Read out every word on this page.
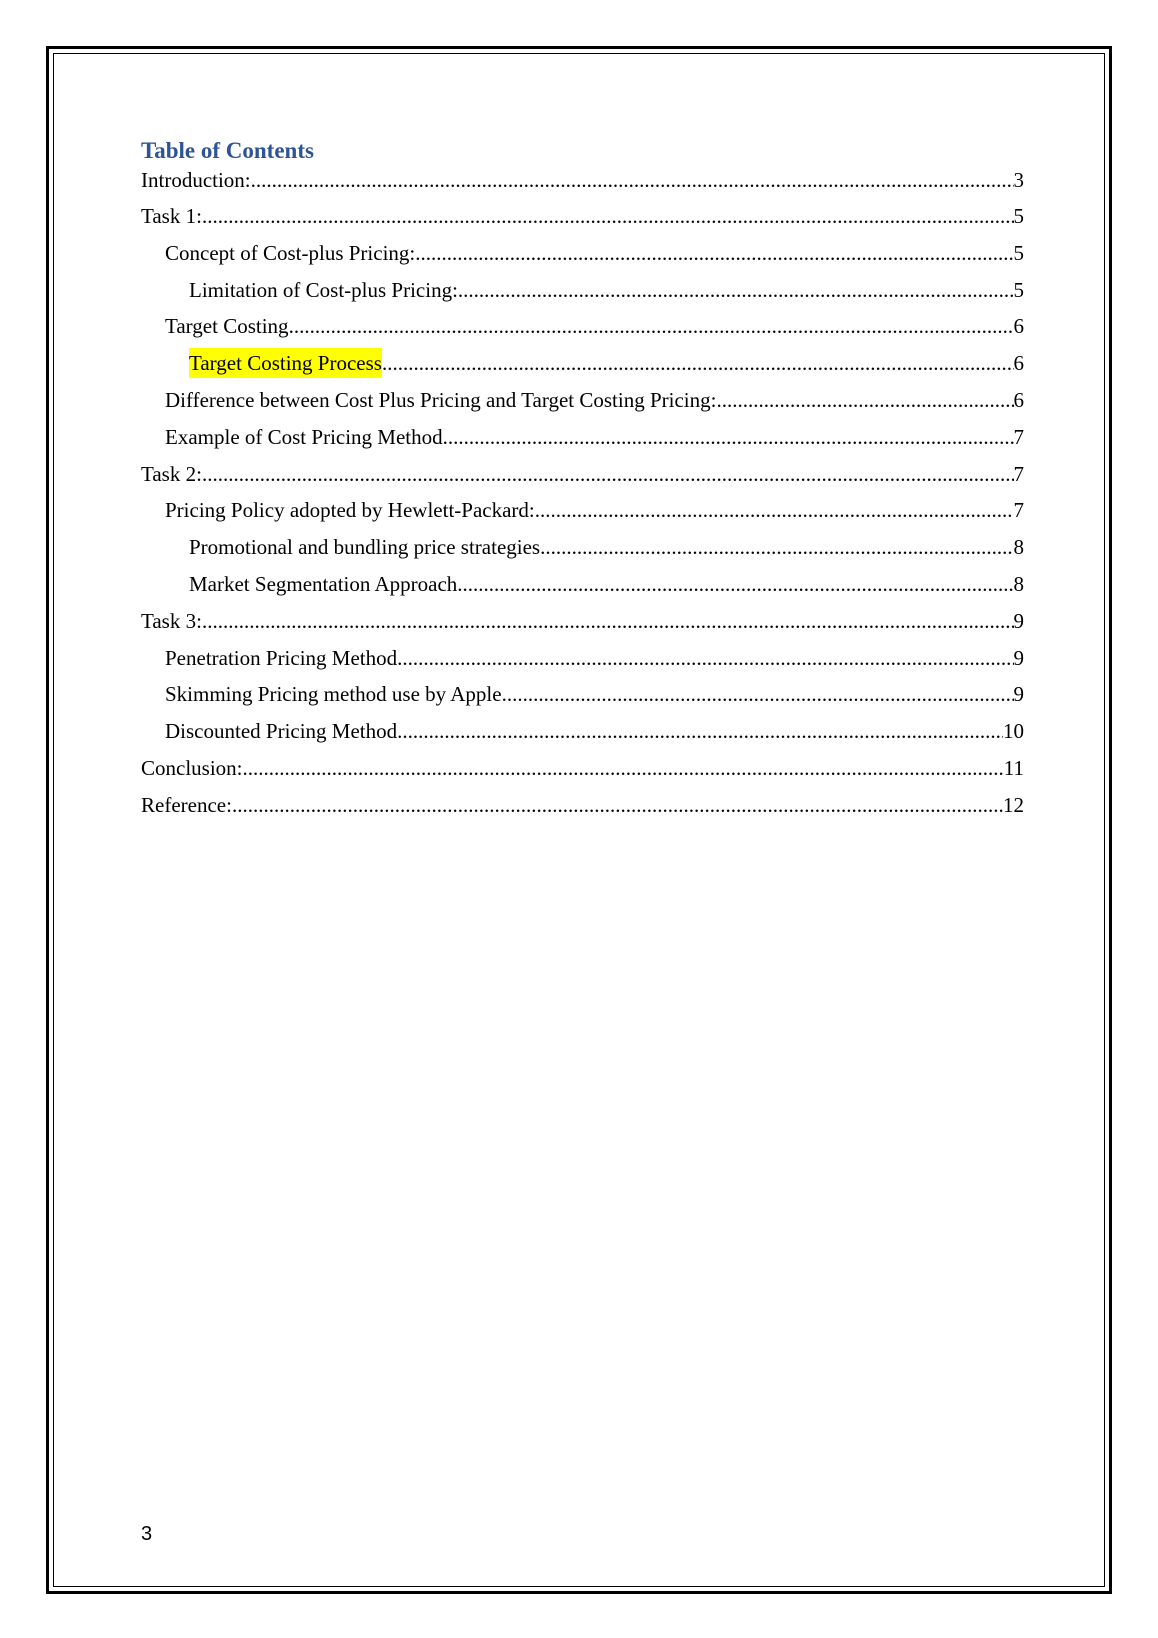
Table of Contents
Introduction: .....	3
Task 1: .....	5
Concept of Cost-plus Pricing: .....	5
Limitation of Cost-plus Pricing: .....	5
Target Costing .....	6
Target Costing Process .....	6
Difference between Cost Plus Pricing and Target Costing Pricing: .....	6
Example of Cost Pricing Method .....	7
Task 2: .....	7
Pricing Policy adopted by Hewlett-Packard: .....	7
Promotional and bundling price strategies .....	8
Market Segmentation Approach .....	8
Task 3: .....	9
Penetration Pricing Method .....	9
Skimming Pricing method use by Apple .....	9
Discounted Pricing Method .....	10
Conclusion: .....	11
Reference: .....	12
3
